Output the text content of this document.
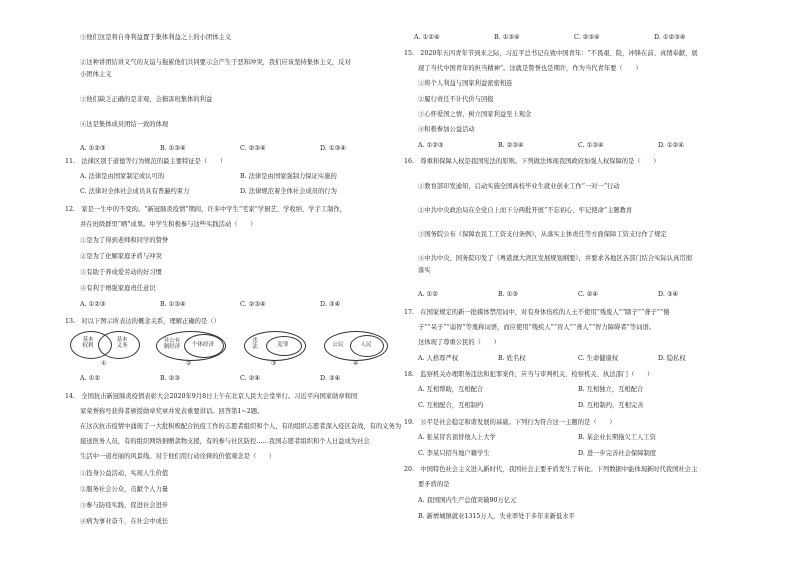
③他们这是将自身利益置于集体利益之上的小团体主义
②这种讲团结讲义气的友谊与拖累他们共同要示会产生于恶和冲突，我们应该坚持集体主义，反对
小团体主义
③他们缺乏正确的是非观，会损害班集体的利益
④这是集体成员团结一致的体现
A. ①②③	B. ①③④	C. ②③④	D. ①③④
11.　法律区别于道德等行为规范的最主要特征是（　　）
A. 法律是由国家制定或认可的	B. 法律是由国家强制力保证实施的
C. 法律对全体社会成员具有普遍约束力	D. 法律规范着全体社会成员的行为
12.　家是一生中的不变的。“新冠肺炎疫情”期间，许多中学生“宅家”学厨艺、学收纳、学手工制作，
并在班级群里“晒”成果。中学生积极参与这些实践活动（　　）
①是为了得到老师和同学的赞誉
②是为了化解家庭矛盾与冲突
③有助于养成爱劳动的好习惯
④有利于增强家庭责任意识
A. ①②③	B. ①③④	C. ②③④	D. ③④
13.　对以下图示所表达的概念关系，理解正确的是（）
基本
权利
基本
义务
①
非公有
制经济	个体经济
②
违
法	犯罪
③
公民	人民
④
A. ①②	B. ②③	C. ②④	D. ③④
14.　全国抗击新冠肺炎疫情表彰大会2020年9月8日上午在北京人民大会堂举行。习近平向国家勋章和国
家荣誉称号获得者颁授勋章奖章并发表重要讲话。回答第1~2题。
在这次抗击疫情中涌现了一大批积极配合抗疫工作的志愿者组织和个人，有的组织志愿者深入疫区奋战，有的义务为
接送医务人员，有的组织网络捐赠款物支援，有的参与社区防控……我国志愿者组织和个人日益成为社会
生活中一道亮丽的风景线。对于他们用行动诠释的价值观念是（　　）
①投身公益活动，实现人生价值
②服务社会公众，贡献个人力量
③参与防疫实践，促进社会进步
④病为事业奋斗，在社会中成长
A. ①②④	B. ①③④	C. ②③④	D. ①②③④
15.　2020年五四青年节到来之际，习近平总书记在致中国青年：“不畏艰、险，冲锋在前、真情奉献，展
现了当代中国青年的担当精神”。这就是赞誉也是期许，作为当代青年要（　　）
①将个人利益与国家利益密密相连
②履行责任不计代价与回报
③心怀爱国之情，树立国家利益至上观念
④积极参加公益活动
A. ①②③	B. ②③④	C. ①③④	D. ①②④
16.　尊重和保障人权是我国宪法的原则。下列做法体现我国政府加强人权保障的是（　　）
①教育部印发通知，启动实施全国高校毕业生就业创业工作“一对一”行动
②中共中央政治局在全党自上而下分两批开展“不忘初心、牢记使命”主题教育
③国务院公布《保障农民工工资支付条例》，从落实主体责任等方面保障工资支付作了规定
④中共中央、国务院印发了《粤港澳大湾区发展规划纲要》，并要求各地区各部门结合实际认真贯彻
落实
A. ①②	B. ①③	C. ②④	D. ③④
17.　在国家规定的新一批媒体禁用词中，对有身体伤疾的人士不使用“残废人”“瞎子”“聋子”“傻
子”“呆子”“弱智”等蔑称词语，而应使用“残疾人”“盲人”“聋人”“智力障碍者”等词语。
这体现了尊重公民的（　　）
A. 人格尊严权	B. 姓名权	C. 生命健康权	D. 隐私权
18.　监察机关办理职务违法和犯罪案件，应当与审判机关、检察机关、执法部门（　　）
A. 互相帮助，互相配合	B. 互相独立，互相配合
C. 互相配合，互相制约	D. 互相制约，互相完善
19.　公平是社会稳定和谐发展的基础。下列行为符合这一主题的是（　　）
A. 张某冒名顶替他人上大学	B. 某企业长期拖欠工人工资
C. 李某只招当地户籍学生	D. 进一步完善社会保障制度
20.　中国特色社会主义进入新时代，我国社会主要矛盾发生了转化。下列数据中能体现新时代我国社会主
要矛盾的是
A. 我国国内生产总值突破90万亿元
B. 新增城镇就业1315万人，失业率处于多年来新低水平
